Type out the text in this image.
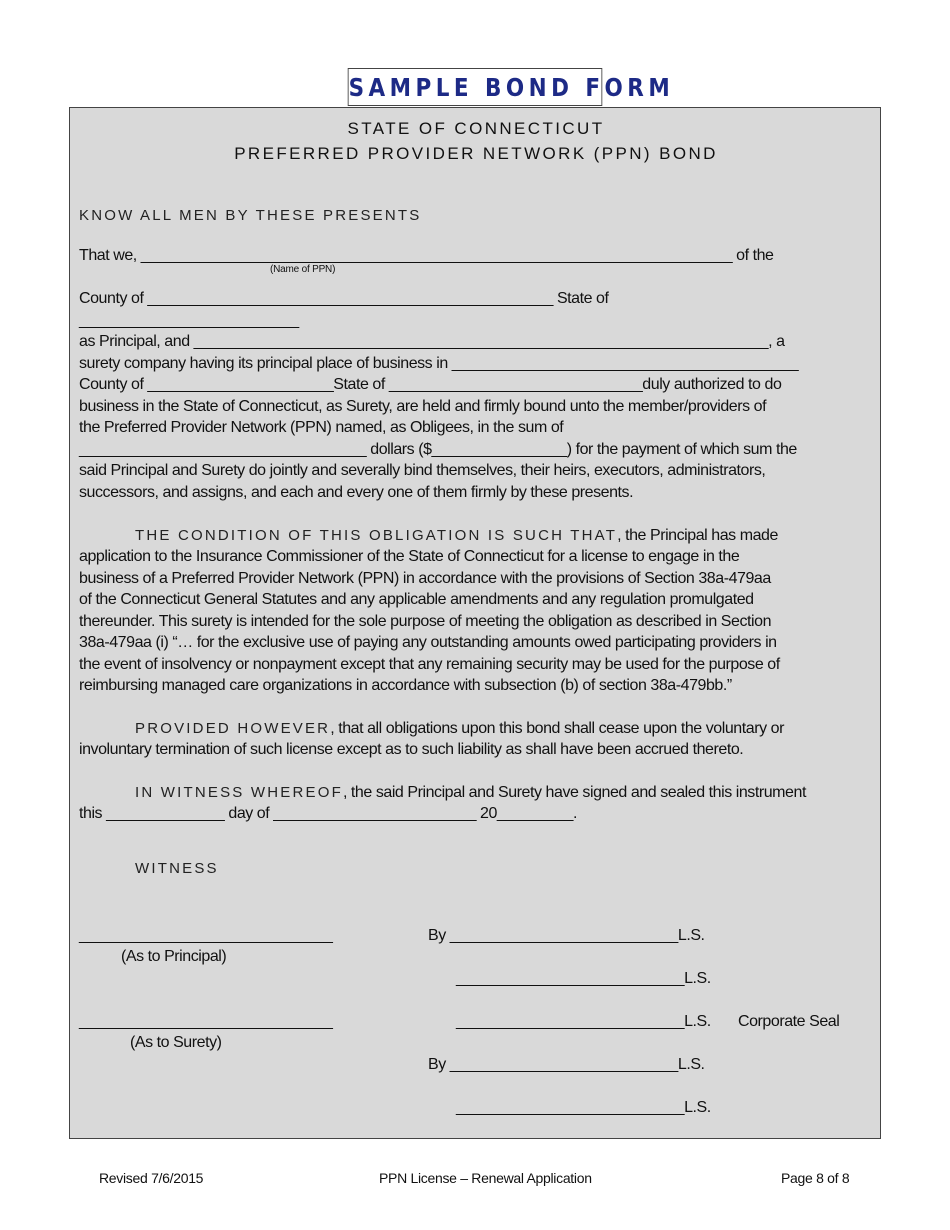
SAMPLE BOND FORM
STATE OF CONNECTICUT
PREFERRED PROVIDER NETWORK (PPN) BOND
KNOW ALL MEN BY THESE PRESENTS
That we, ______________________________________________________________________ of the
(Name of PPN)
County of ________________________________________________ State of
__________________________
as Principal, and ____________________________________________________________________, a
surety company having its principal place of business in _________________________________________
County of ______________________State of ______________________________duly authorized to do
business in the State of Connecticut, as Surety, are held and firmly bound unto the member/providers of
the Preferred Provider Network (PPN) named, as Obligees, in the sum of
__________________________________ dollars ($________________) for the payment of which sum the
said Principal and Surety do jointly and severally bind themselves, their heirs, executors, administrators,
successors, and assigns, and each and every one of them firmly by these presents.
THE CONDITION OF THIS OBLIGATION IS SUCH THAT, the Principal has made
application to the Insurance Commissioner of the State of Connecticut for a license to engage in the
business of a Preferred Provider Network (PPN) in accordance with the provisions of Section 38a-479aa
of the Connecticut General Statutes and any applicable amendments and any regulation promulgated
thereunder. This surety is intended for the sole purpose of meeting the obligation as described in Section
38a-479aa (i) “… for the exclusive use of paying any outstanding amounts owed participating providers in
the event of insolvency or nonpayment except that any remaining security may be used for the purpose of
reimbursing managed care organizations in accordance with subsection (b) of section 38a-479bb.”
PROVIDED HOWEVER, that all obligations upon this bond shall cease upon the voluntary or
involuntary termination of such license except as to such liability as shall have been accrued thereto.
IN WITNESS WHEREOF, the said Principal and Surety have signed and sealed this instrument
this ______________ day of ________________________ 20_________.
WITNESS
______________________________
(As to Principal)
______________________________
(As to Surety)
By ___________________________L.S.
___________________________L.S.
___________________________L.S. Corporate Seal
By ___________________________L.S.
___________________________L.S.
Revised 7/6/2015	PPN License – Renewal Application	Page 8 of 8
